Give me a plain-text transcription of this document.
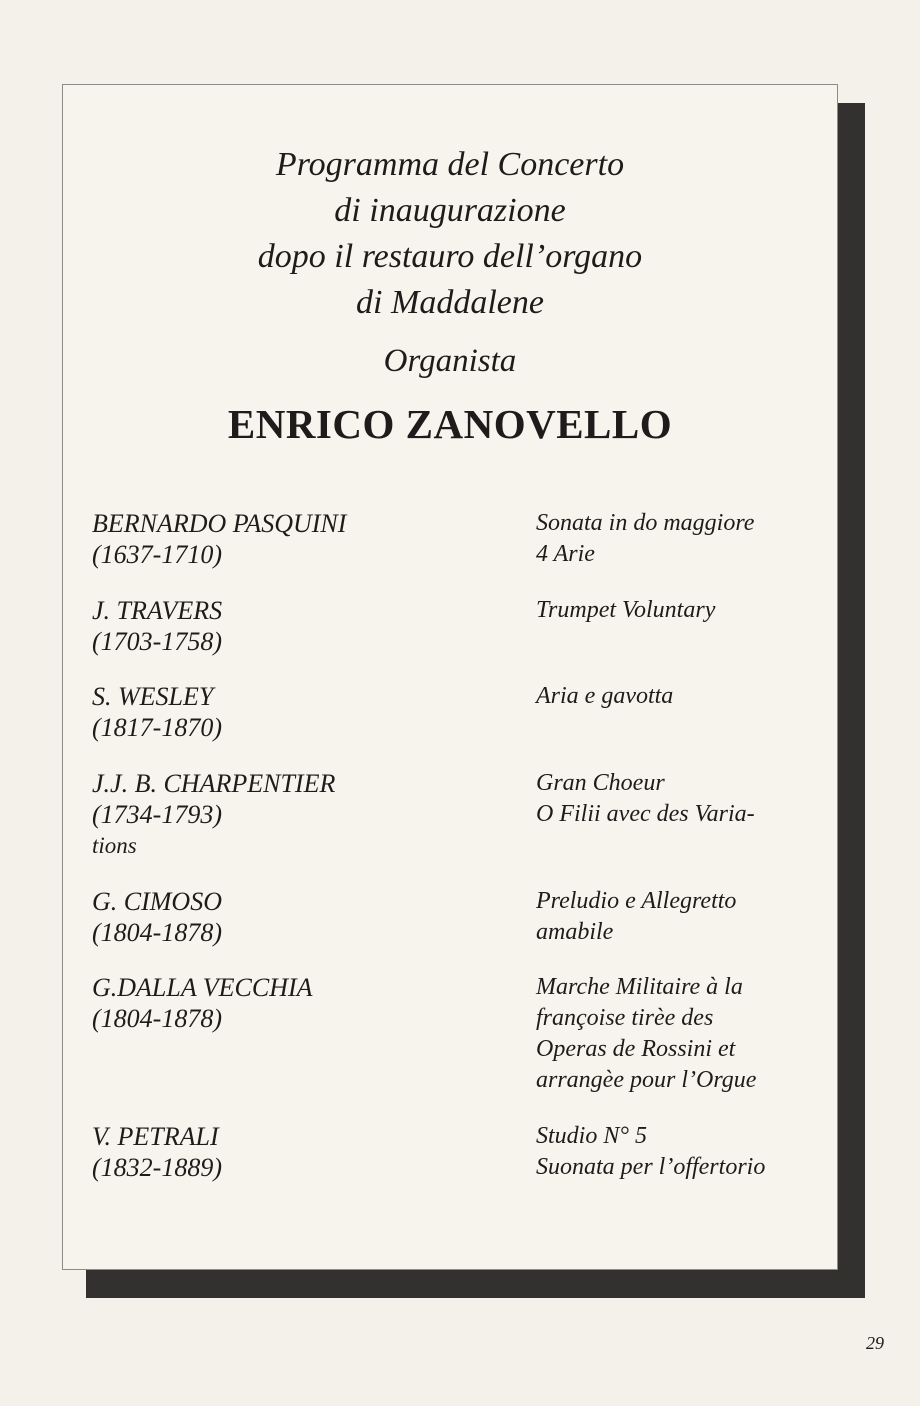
Programma del Concerto
di inaugurazione
dopo il restauro dell’organo
di Maddalene
Organista
ENRICO ZANOVELLO
BERNARDO PASQUINI
(1637-1710)
Sonata in do maggiore
4 Arie
J. TRAVERS
(1703-1758)
Trumpet Voluntary
S. WESLEY
(1817-1870)
Aria e gavotta
J.J. B. CHARPENTIER
(1734-1793)
tions
Gran Choeur
O Filii avec des Varia-
G. CIMOSO
(1804-1878)
Preludio e Allegretto
amabile
G.DALLA VECCHIA
(1804-1878)
Marche Militaire à la
françoise tirèe des
Operas de Rossini et
arrangèe pour l’Orgue
V. PETRALI
(1832-1889)
Studio N° 5
Suonata per l’offertorio
29
